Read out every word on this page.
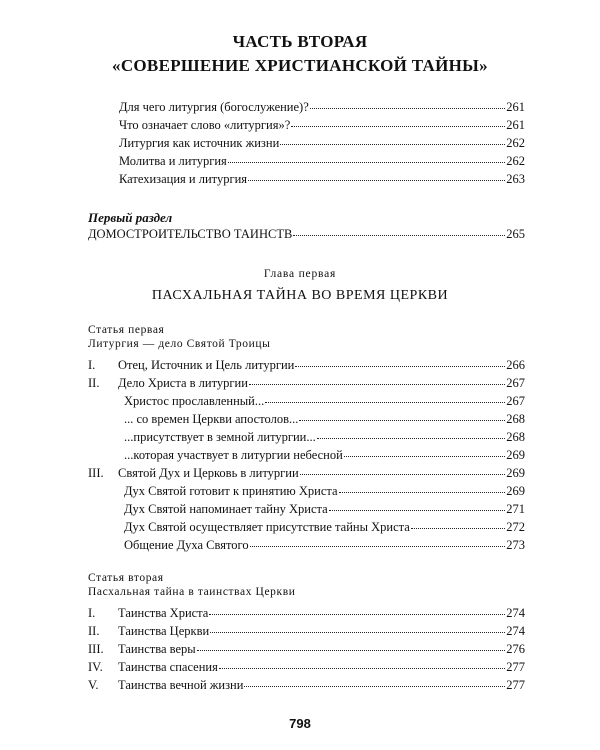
ЧАСТЬ ВТОРАЯ
«СОВЕРШЕНИЕ ХРИСТИАНСКОЙ ТАЙНЫ»
Для чего литургия (богослужение)?	261
Что означает слово «литургия»?	261
Литургия как источник жизни	262
Молитва и литургия	262
Катехизация и литургия	263
Первый раздел
ДОМОСТРОИТЕЛЬСТВО ТАИНСТВ	265
Глава первая
ПАСХАЛЬНАЯ ТАЙНА ВО ВРЕМЯ ЦЕРКВИ
Статья первая
Литургия — дело Святой Троицы
I.	Отец, Источник и Цель литургии	266
II.	Дело Христа в литургии	267
Христос прославленный...	267
... со времен Церкви апостолов...	268
...присутствует в земной литургии...	268
...которая участвует в литургии небесной	269
III.	Святой Дух и Церковь в литургии	269
Дух Святой готовит к принятию Христа	269
Дух Святой напоминает тайну Христа	271
Дух Святой осуществляет присутствие тайны Христа	272
Общение Духа Святого	273
Статья вторая
Пасхальная тайна в таинствах Церкви
I.	Таинства Христа	274
II.	Таинства Церкви	274
III.	Таинства веры	276
IV.	Таинства спасения	277
V.	Таинства вечной жизни	277
798
